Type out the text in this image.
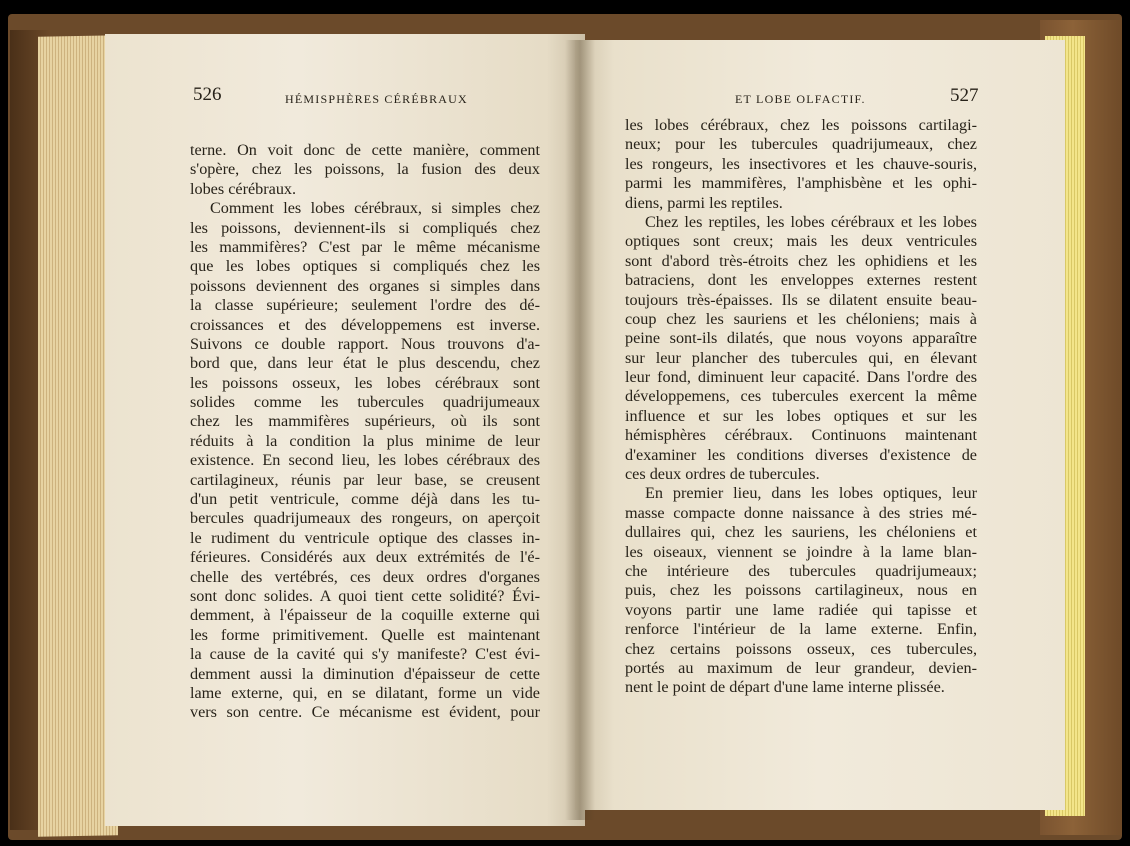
526	HÉMISPHÈRES CÉRÉBRAUX
terne. On voit donc de cette manière, comment
s'opère, chez les poissons, la fusion des deux
lobes cérébraux.
Comment les lobes cérébraux, si simples chez
les poissons, deviennent-ils si compliqués chez
les mammifères? C'est par le même mécanisme
que les lobes optiques si compliqués chez les
poissons deviennent des organes si simples dans
la classe supérieure; seulement l'ordre des dé-
croissances et des développemens est inverse.
Suivons ce double rapport. Nous trouvons d'a-
bord que, dans leur état le plus descendu, chez
les poissons osseux, les lobes cérébraux sont
solides comme les tubercules quadrijumeaux
chez les mammifères supérieurs, où ils sont
réduits à la condition la plus minime de leur
existence. En second lieu, les lobes cérébraux des
cartilagineux, réunis par leur base, se creusent
d'un petit ventricule, comme déjà dans les tu-
bercules quadrijumeaux des rongeurs, on aperçoit
le rudiment du ventricule optique des classes in-
férieures. Considérés aux deux extrémités de l'é-
chelle des vertébrés, ces deux ordres d'organes
sont donc solides. A quoi tient cette solidité? Évi-
demment, à l'épaisseur de la coquille externe qui
les forme primitivement. Quelle est maintenant
la cause de la cavité qui s'y manifeste? C'est évi-
demment aussi la diminution d'épaisseur de cette
lame externe, qui, en se dilatant, forme un vide
vers son centre. Ce mécanisme est évident, pour
ET LOBE OLFACTIF.	527
les lobes cérébraux, chez les poissons cartilagi-
neux; pour les tubercules quadrijumeaux, chez
les rongeurs, les insectivores et les chauve-souris,
parmi les mammifères, l'amphisbène et les ophi-
diens, parmi les reptiles.
Chez les reptiles, les lobes cérébraux et les lobes
optiques sont creux; mais les deux ventricules
sont d'abord très-étroits chez les ophidiens et les
batraciens, dont les enveloppes externes restent
toujours très-épaisses. Ils se dilatent ensuite beau-
coup chez les sauriens et les chéloniens; mais à
peine sont-ils dilatés, que nous voyons apparaître
sur leur plancher des tubercules qui, en élevant
leur fond, diminuent leur capacité. Dans l'ordre des
développemens, ces tubercules exercent la même
influence et sur les lobes optiques et sur les
hémisphères cérébraux. Continuons maintenant
d'examiner les conditions diverses d'existence de
ces deux ordres de tubercules.
En premier lieu, dans les lobes optiques, leur
masse compacte donne naissance à des stries mé-
dullaires qui, chez les sauriens, les chéloniens et
les oiseaux, viennent se joindre à la lame blan-
che intérieure des tubercules quadrijumeaux;
puis, chez les poissons cartilagineux, nous en
voyons partir une lame radiée qui tapisse et
renforce l'intérieur de la lame externe. Enfin,
chez certains poissons osseux, ces tubercules,
portés au maximum de leur grandeur, devien-
nent le point de départ d'une lame interne plissée.
